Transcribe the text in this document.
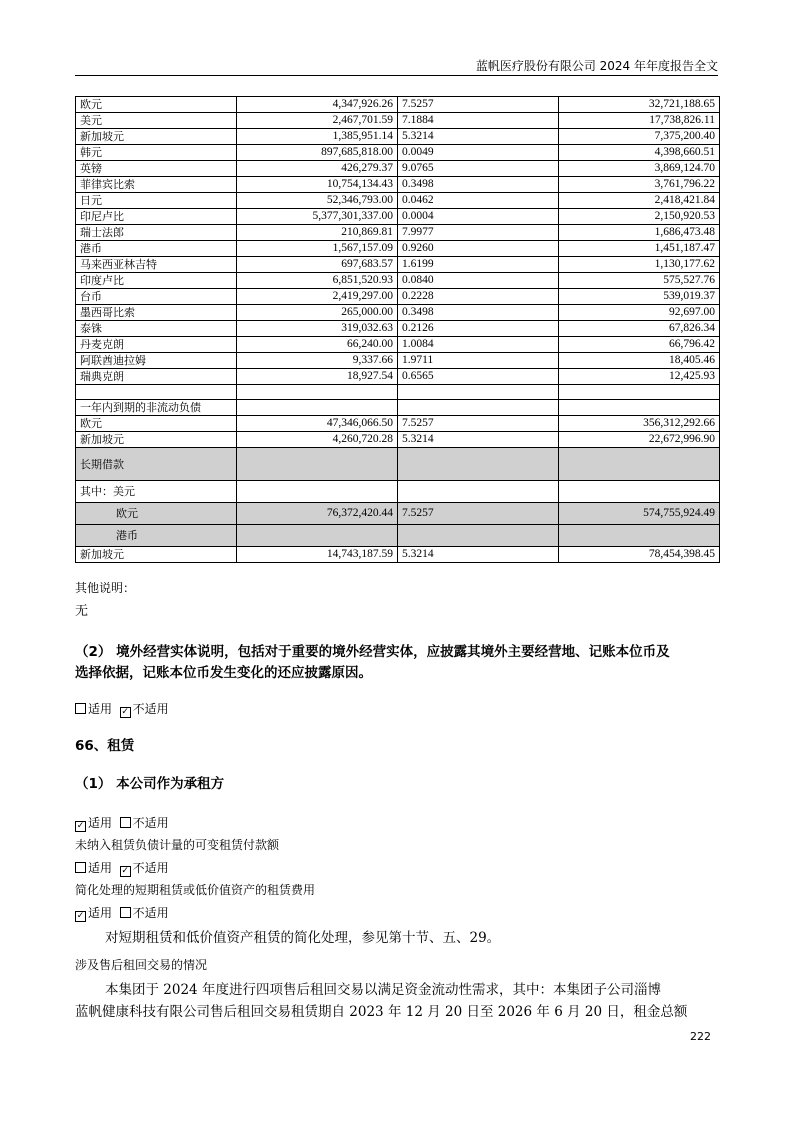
蓝帆医疗股份有限公司 2024 年年度报告全文
欧元	4,347,926.26	7.5257	32,721,188.65
美元	2,467,701.59	7.1884	17,738,826.11
新加坡元	1,385,951.14	5.3214	7,375,200.40
韩元	897,685,818.00	0.0049	4,398,660.51
英镑	426,279.37	9.0765	3,869,124.70
菲律宾比索	10,754,134.43	0.3498	3,761,796.22
日元	52,346,793.00	0.0462	2,418,421.84
印尼卢比	5,377,301,337.00	0.0004	2,150,920.53
瑞士法郎	210,869.81	7.9977	1,686,473.48
港币	1,567,157.09	0.9260	1,451,187.47
马来西亚林吉特	697,683.57	1.6199	1,130,177.62
印度卢比	6,851,520.93	0.0840	575,527.76
台币	2,419,297.00	0.2228	539,019.37
墨西哥比索	265,000.00	0.3498	92,697.00
泰铢	319,032.63	0.2126	67,826.34
丹麦克朗	66,240.00	1.0084	66,796.42
阿联酋迪拉姆	9,337.66	1.9711	18,405.46
瑞典克朗	18,927.54	0.6565	12,425.93

一年内到期的非流动负债			
欧元	47,346,066.50	7.5257	356,312,292.66
新加坡元	4,260,720.28	5.3214	22,672,996.90
长期借款			
其中：美元			
欧元	76,372,420.44	7.5257	574,755,924.49
港币			
新加坡元	14,743,187.59	5.3214	78,454,398.45
其他说明：
无
（2） 境外经营实体说明，包括对于重要的境外经营实体，应披露其境外主要经营地、记账本位币及
选择依据，记账本位币发生变化的还应披露原因。
适用 ✓ 不适用
66、租赁
（1） 本公司作为承租方
✓ 适用 不适用
未纳入租赁负债计量的可变租赁付款额
适用 ✓ 不适用
简化处理的短期租赁或低价值资产的租赁费用
✓ 适用 不适用
对短期租赁和低价值资产租赁的简化处理，参见第十节、五、29。
涉及售后租回交易的情况
本集团于 2024 年度进行四项售后租回交易以满足资金流动性需求，其中：本集团子公司淄博
蓝帆健康科技有限公司售后租回交易租赁期自 2023 年 12 月 20 日至 2026 年 6 月 20 日，租金总额
222
